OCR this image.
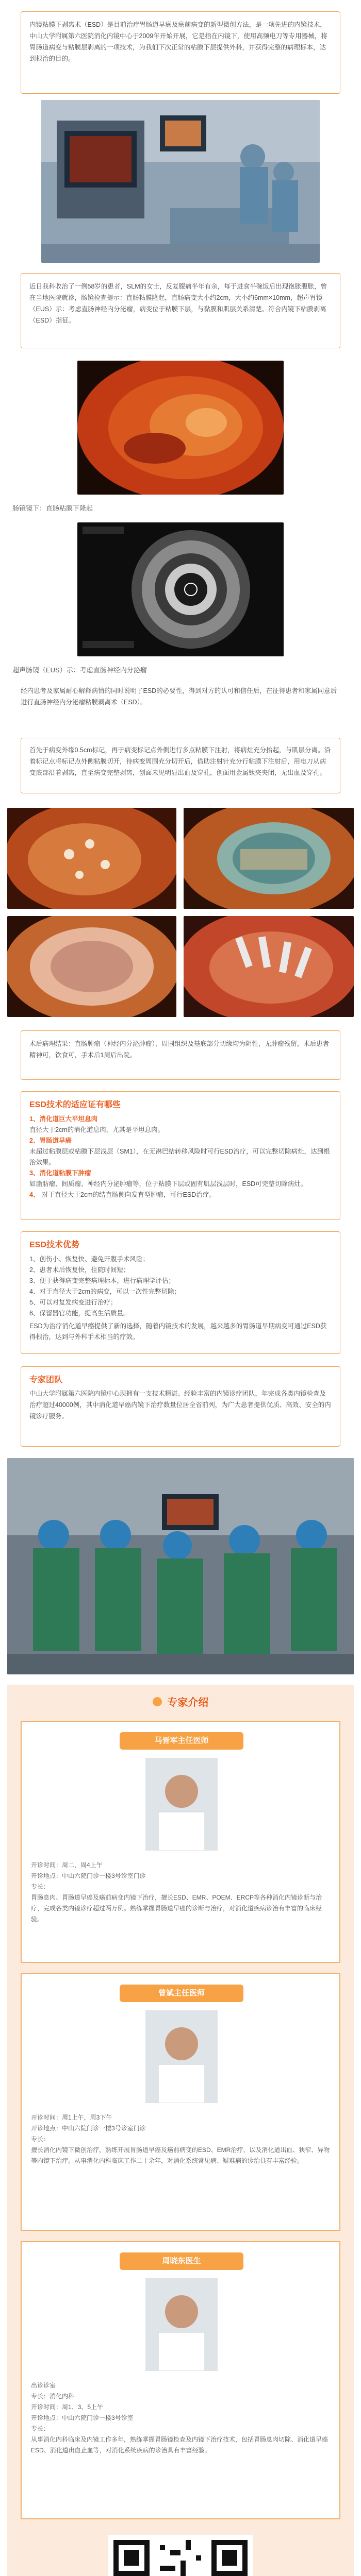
内镜粘膜下剥离术（ESD）是目前治疗胃肠道早癌及癌前病变的新型微创方法，是一项先进的内镜技术，中山大学附属第六医院消化内镜中心于2009年开始开展，它是指在内镜下，使用高频电刀等专用器械，将胃肠道病变与粘膜层剥离的一项技术，为我们下次正常的粘膜下层提供外科，并获得完整的病理标本，达到根治的目的。

近日我科收治了一例58岁的患者，SLM的女士，反复腹痛半年有余，每于进食半碗饭后出现饱胀腹胀，曾在当地医院就诊，肠镜检查提示：直肠粘膜隆起，直肠病变大小约2cm，大小约6mm×10mm，超声胃镜（EUS）示：考虑直肠神经内分泌瘤，病变位于粘膜下层，与黏膜和肌层关系清楚。符合内镜下粘膜剥离（ESD）指征。

肠镜镜下：直肠粘膜下隆起
超声肠镜（EUS）示：考虑直肠神经内分泌瘤

经内患者及家属耐心解释病情的同时说明了ESD的必要性，得到对方的认可和信任后，在征得患者和家属同意后进行直肠神经内分泌瘤粘膜剥离术（ESD）。

首先于病变外缘0.5cm标记，再于病变标记点外侧进行多点粘膜下注射，将病灶充分抬起，与肌层分离。沿着标记点将标记点外侧粘膜切开，待病变周围充分切开后，借助注射针充分行粘膜下注射后，用电刀从病变底部沿着剥离，直至病变完整剥离，创面未见明显出血及穿孔，创面用金属钛夹夹闭，无出血及穿孔。

术后病理结果：直肠肿瘤（神经内分泌肿瘤），周围组织及基底部分切缘均为阴性，无肿瘤残留，术后患者精神可，饮食可，手术后1周后出院。

ESD技术的适应证有哪些

1、消化道巨大平坦息肉

直径大于2cm的消化道息肉，尤其是平坦息肉。

2、胃肠道早癌

未超过粘膜层或粘膜下层浅层（SM1），在无淋巴结转移风险时可行ESD治疗，可以完整切除病灶，达到根治效果。

3、消化道粘膜下肿瘤

如脂肪瘤、间质瘤、神经内分泌肿瘤等，位于粘膜下层或固有肌层浅层时，ESD可完整切除病灶。

4、 对于直径大于2cm的结直肠侧向发育型肿瘤，可行ESD治疗。
ESD技术优势

1、创伤小、恢复快、避免开腹手术风险；

2、患者术后恢复快，住院时间短；

3、便于获得病变完整病理标本，进行病理学评估；

4、对于直径大于2cm的病变，可以一次性完整切除；

5、可以对复发病变进行治疗；

6、保留器官功能，提高生活质量。

ESD为治疗消化道早癌提供了新的选择，随着内镜技术的发展，越来越多的胃肠道早期病变可通过ESD获得根治，达到与外科手术相当的疗效。

专家团队

中山大学附属第六医院内镜中心现拥有一支技术精湛、经验丰富的内镜诊疗团队，年完成各类内镜检查及治疗超过40000例，其中消化道早癌内镜下治疗数量位居全省前列，为广大患者提供优质、高效、安全的内镜诊疗服务。

专家介绍
马晋军主任医师

开诊时间：周二，周4上午

开诊地点：中山六院门诊一楼3号诊室门诊

专长：

胃肠息肉、胃肠道早癌及癌前病变内镜下治疗，擅长ESD、EMR、POEM、ERCP等各种消化内镜诊断与治疗，完成各类内镜诊疗超过两万例。熟练掌握胃肠道早癌的诊断与治疗，对消化道疾病诊治有丰富的临床经验。

曾斌主任医师

开诊时间：周1上午，周3下午

开诊地点：中山六院门诊一楼3号诊室门诊

专长：

擅长消化内镜下微创治疗，熟练开展胃肠道早癌及癌前病变的ESD、EMR治疗，以及消化道出血、狭窄、异物等内镜下治疗。从事消化内科临床工作二十余年，对消化系统常见病、疑难病的诊治具有丰富经验。

周晓东医生

出诊诊室

专长：消化内科

开诊时间：周1、3、5上午

开诊地点：中山六院门诊一楼3号诊室

专长：

从事消化内科临床及内镜工作多年，熟练掌握胃肠镜检查及内镜下治疗技术，包括胃肠息肉切除、消化道早癌ESD、消化道出血止血等，对消化系统疾病的诊治具有丰富经验。
